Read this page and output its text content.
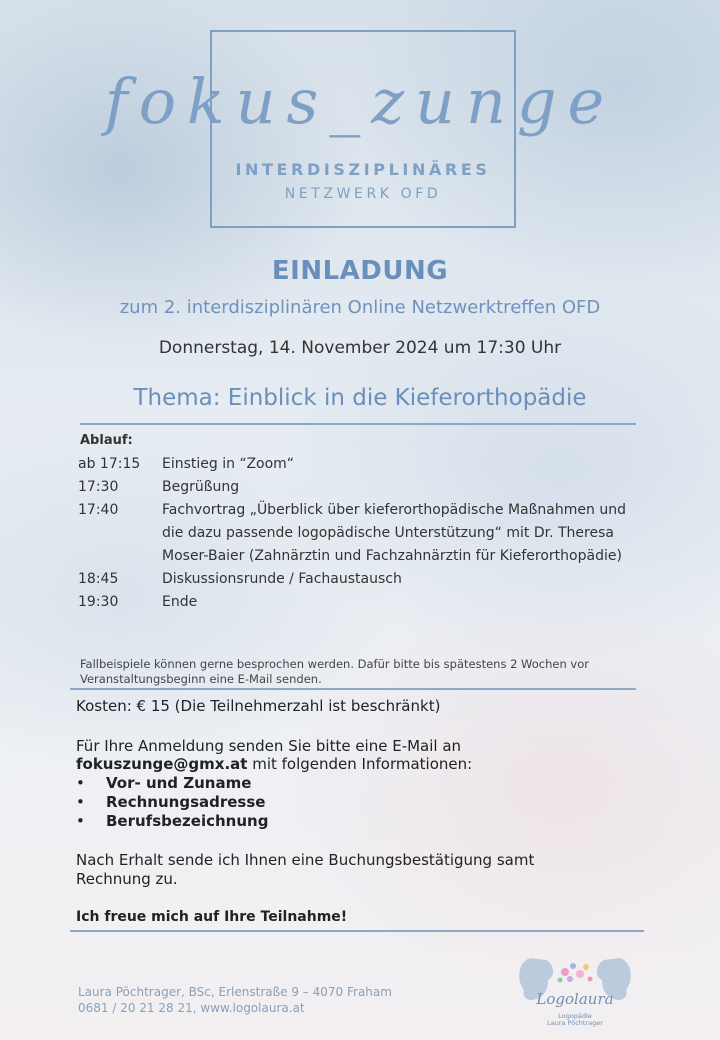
fokus_zunge
INTERDISZIPLINÄRES
NETZWERK OFD
EINLADUNG
zum 2. interdisziplinären Online Netzwerktreffen OFD
Donnerstag, 14. November 2024 um 17:30 Uhr
Thema: Einblick in die Kieferorthopädie
Ablauf:
ab 17:15	Einstieg in “Zoom“
17:30	Begrüßung
17:40	Fachvortrag „Überblick über kieferorthopädische Maßnahmen und die dazu passende logopädische Unterstützung“ mit Dr. Theresa Moser-Baier (Zahnärztin und Fachzahnärztin für Kieferorthopädie)
18:45	Diskussionsrunde / Fachaustausch
19:30	Ende
Fallbeispiele können gerne besprochen werden. Dafür bitte bis spätestens 2 Wochen vor Veranstaltungsbeginn eine E-Mail senden.
Kosten: € 15 (Die Teilnehmerzahl ist beschränkt)
Für Ihre Anmeldung senden Sie bitte eine E-Mail an
fokuszunge@gmx.at mit folgenden Informationen:
•	Vor- und Zuname
•	Rechnungsadresse
•	Berufsbezeichnung
Nach Erhalt sende ich Ihnen eine Buchungsbestätigung samt Rechnung zu.
Ich freue mich auf Ihre Teilnahme!
Laura Pöchtrager, BSc, Erlenstraße 9 – 4070 Fraham
0681 / 20 21 28 21, www.logolaura.at	Logolaura
Logopädie
Laura Pöchtrager
